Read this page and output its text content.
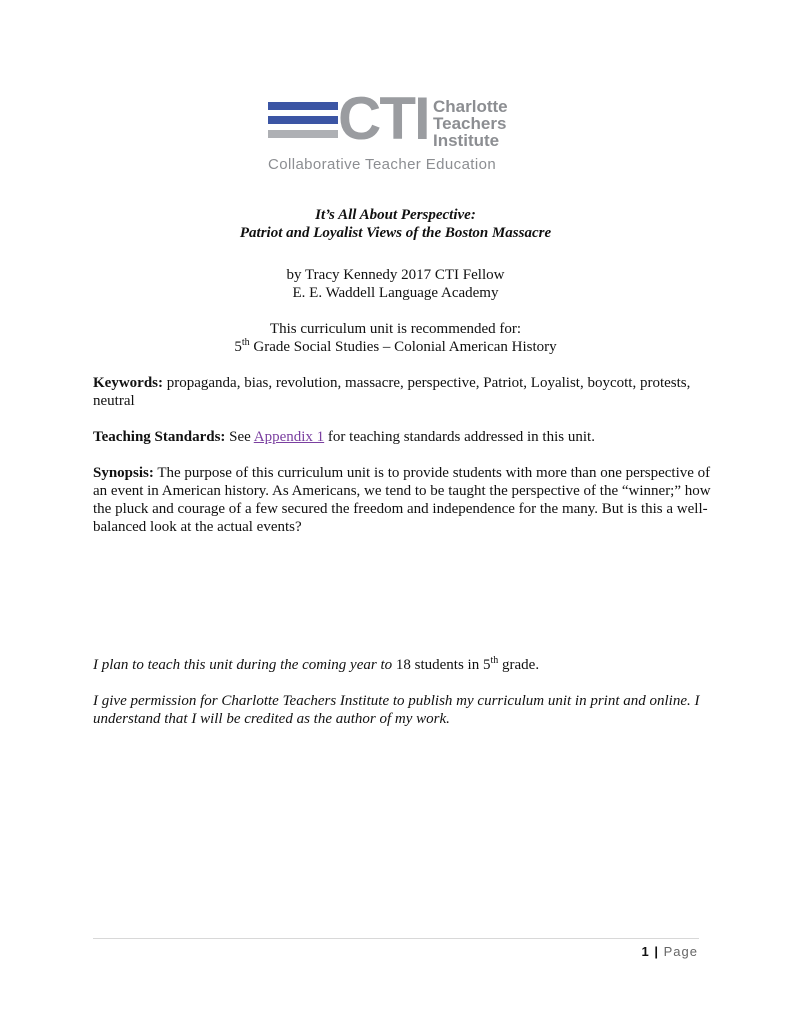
CTI Charlotte
Teachers
Institute
Collaborative Teacher Education
It’s All About Perspective:
Patriot and Loyalist Views of the Boston Massacre
by Tracy Kennedy 2017 CTI Fellow
E. E. Waddell Language Academy
This curriculum unit is recommended for:
5th Grade Social Studies – Colonial American History
Keywords: propaganda, bias, revolution, massacre, perspective, Patriot, Loyalist, boycott, protests, neutral
Teaching Standards: See Appendix 1 for teaching standards addressed in this unit.
Synopsis: The purpose of this curriculum unit is to provide students with more than one perspective of an event in American history. As Americans, we tend to be taught the perspective of the “winner;” how the pluck and courage of a few secured the freedom and independence for the many. But is this a well-balanced look at the actual events?
I plan to teach this unit during the coming year to 18 students in 5th grade.
I give permission for Charlotte Teachers Institute to publish my curriculum unit in print and online. I understand that I will be credited as the author of my work.
1 | Page
